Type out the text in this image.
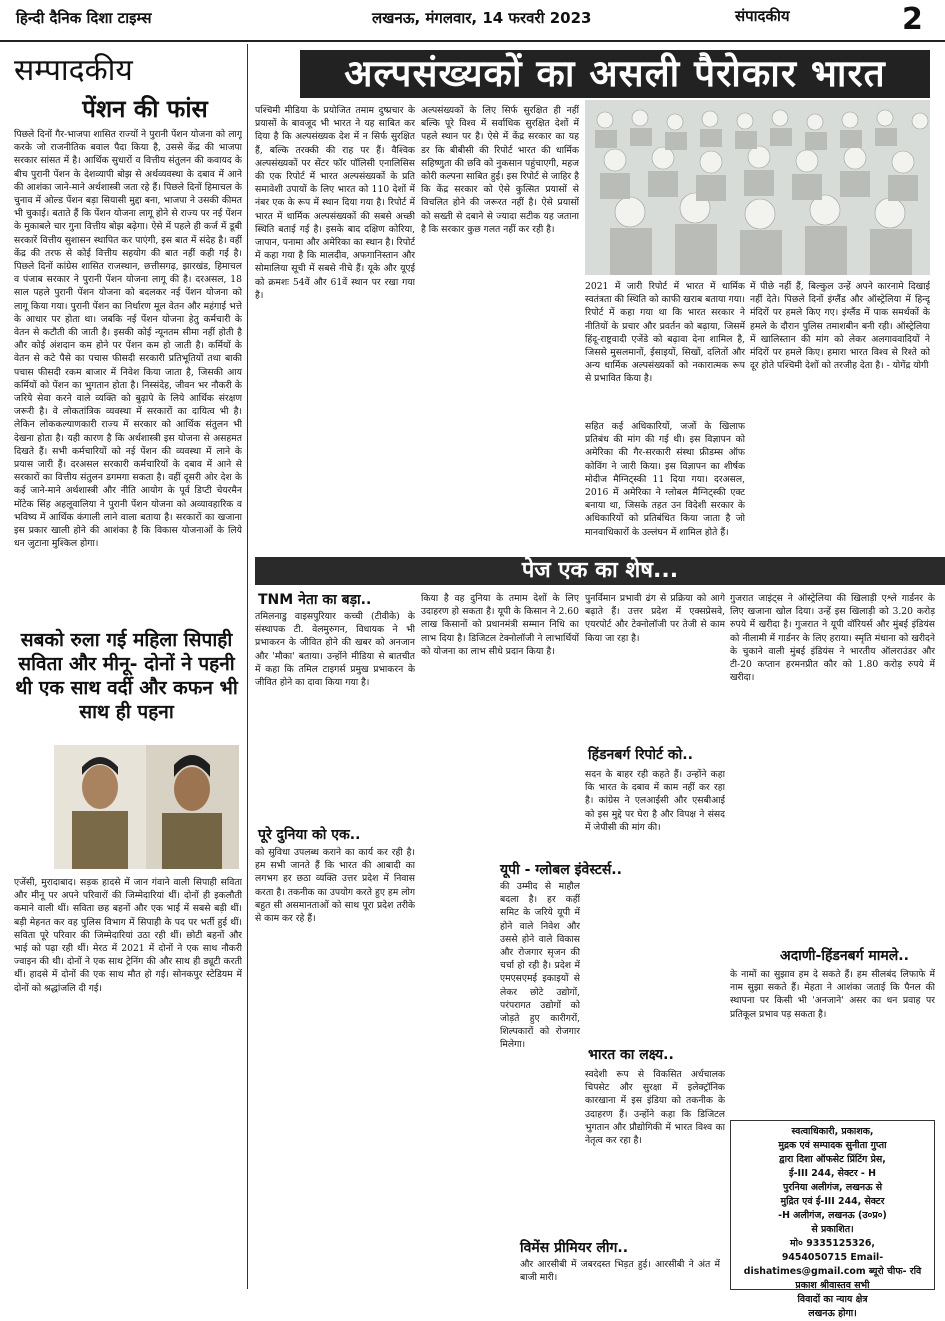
हिन्दी दैनिक दिशा टाइम्स	लखनऊ, मंगलवार, 14 फरवरी 2023	संपादकीय	2
सम्पादकीय
पेंशन की फांस
पिछले दिनों गैर-भाजपा शासित राज्यों ने पुरानी पेंशन योजना को लागू करके जो राजनीतिक बवाल पैदा किया है, उससे केंद्र की भाजपा सरकार सांसत में है। आर्थिक सुधारों व वित्तीय संतुलन की कवायद के बीच पुरानी पेंशन के देशव्यापी बोझ से अर्थव्यवस्था के दबाव में आने की आशंका जाने-माने अर्थशास्त्री जता रहे हैं। पिछले दिनों हिमाचल के चुनाव में ओल्ड पेंशन बड़ा सियासी मुद्दा बना, भाजपा ने उसकी कीमत भी चुकाई। बताते हैं कि पेंशन योजना लागू होने से राज्य पर नई पेंशन के मुकाबले चार गुना वित्तीय बोझ बढ़ेगा। ऐसे में पहले ही कर्ज में डूबी सरकारें वित्तीय सुशासन स्थापित कर पाएंगी, इस बात में संदेह है। वहीं केंद्र की तरफ से कोई वित्तीय सहयोग की बात नहीं कही गई है। पिछले दिनों कांग्रेस शासित राजस्थान, छत्तीसगढ़, झारखंड, हिमाचल व पंजाब सरकार ने पुरानी पेंशन योजना लागू की है। दरअसल, 18 साल पहले पुरानी पेंशन योजना को बदलकर नई पेंशन योजना को लागू किया गया। पुरानी पेंशन का निर्धारण मूल वेतन और महंगाई भत्ते के आधार पर होता था। जबकि नई पेंशन योजना हेतु कर्मचारी के वेतन से कटौती की जाती है। इसकी कोई न्यूनतम सीमा नहीं होती है और कोई अंशदान कम होने पर पेंशन कम हो जाती है। कर्मियों के वेतन से कटे पैसे का पचास फीसदी सरकारी प्रतिभूतियों तथा बाकी पचास फीसदी रकम बाजार में निवेश किया जाता है, जिसकी आय कर्मियों को पेंशन का भुगतान होता है। निस्संदेह, जीवन भर नौकरी के जरिये सेवा करने वाले व्यक्ति को बुढ़ापे के लिये आर्थिक संरक्षण जरूरी है। वे लोकतांत्रिक व्यवस्था में सरकारों का दायित्व भी है। लेकिन लोककल्याणकारी राज्य में सरकार को आर्थिक संतुलन भी देखना होता है। यही कारण है कि अर्थशास्त्री इस योजना से असहमत दिखते हैं। सभी कर्मचारियों को नई पेंशन की व्यवस्था में लाने के प्रयास जारी हैं। दरअसल सरकारी कर्मचारियों के दबाव में आने से सरकारों का वित्तीय संतुलन डगमगा सकता है। वहीं दूसरी ओर देश के कई जाने-माने अर्थशास्त्री और नीति आयोग के पूर्व डिप्टी चेयरमैन मोंटेक सिंह अहलूवालिया ने पुरानी पेंशन योजना को अव्यावहारिक व भविष्य में आर्थिक कंगाली लाने वाला बताया है। सरकारों का खजाना इस प्रकार खाली होने की आशंका है कि विकास योजनाओं के लिये धन जुटाना मुश्किल होगा।
अल्पसंख्यकों का असली पैरोकार भारत
पश्चिमी मीडिया के प्रयोजित तमाम दुष्प्रचार के प्रयासों के बावजूद भी भारत ने यह साबित कर दिया है कि अल्पसंख्यक देश में न सिर्फ सुरक्षित हैं, बल्कि तरक्की की राह पर हैं। वैश्विक अल्पसंख्यकों पर सेंटर फॉर पॉलिसी एनालिसिस की एक रिपोर्ट में भारत अल्पसंख्यकों के प्रति समावेशी उपायों के लिए भारत को 110 देशों में नंबर एक के रूप में स्थान दिया गया है। रिपोर्ट में भारत में धार्मिक अल्पसंख्यकों की सबसे अच्छी स्थिति बताई गई है। इसके बाद दक्षिण कोरिया, जापान, पनामा और अमेरिका का स्थान है। रिपोर्ट में कहा गया है कि मालदीव, अफगानिस्तान और सोमालिया सूची में सबसे नीचे हैं। यूके और यूएई को क्रमशः 54वें और 61वें स्थान पर रखा गया है।
अल्पसंख्यकों के लिए सिर्फ सुरक्षित ही नहीं बल्कि पूरे विश्व में सर्वाधिक सुरक्षित देशों में पहले स्थान पर है। ऐसे में केंद्र सरकार का यह डर कि बीबीसी की रिपोर्ट भारत की धार्मिक सहिष्णुता की छवि को नुकसान पहुंचाएगी, महज कोरी कल्पना साबित हुई। इस रिपोर्ट से जाहिर है कि केंद्र सरकार को ऐसे कुत्सित प्रयासों से विचलित होने की जरूरत नहीं है। ऐसे प्रयासों को सख्ती से दबाने से ज्यादा सटीक यह जताना है कि सरकार कुछ गलत नहीं कर रही है।
2021 में जारी रिपोर्ट में भारत में धार्मिक स्वतंत्रता की स्थिति को काफी खराब बताया गया। रिपोर्ट में कहा गया था कि भारत सरकार ने नीतियों के प्रचार और प्रवर्तन को बढ़ाया, जिसमें हिंदू-राष्ट्रवादी एजेंडे को बढ़ावा देना शामिल है, जिससे मुसलमानों, ईसाइयों, सिखों, दलितों और अन्य धार्मिक अल्पसंख्यकों को नकारात्मक रूप से प्रभावित किया है।
में पीछे नहीं हैं, बिल्कुल उन्हें अपने कारनामे दिखाई नहीं देते। पिछले दिनों इंग्लैंड और ऑस्ट्रेलिया में हिन्दू मंदिरों पर हमले किए गए। इंग्लैंड में पाक समर्थकों के हमले के दौरान पुलिस तमाशबीन बनी रही। ऑस्ट्रेलिया में खालिस्तान की मांग को लेकर अलगाववादियों ने मंदिरों पर हमले किए। हमारा भारत विश्व से रिश्ते को दूर होते पश्चिमी देशों को तरजीह देता है। - योगेंद्र योगी
सहित कई अधिकारियों, जजों के खिलाफ प्रतिबंध की मांग की गई थी। इस विज्ञापन को अमेरिका की गैर-सरकारी संस्था फ्रीडम्स ऑफ कोविंग ने जारी किया। इस विज्ञापन का शीर्षक मोदीज मैग्निट्स्की 11 दिया गया। दरअसल, 2016 में अमेरिका ने ग्लोबल मैग्निट्स्की एक्ट बनाया था, जिसके तहत उन विदेशी सरकार के अधिकारियों को प्रतिबंधित किया जाता है जो मानवाधिकारों के उल्लंघन में शामिल होते हैं।
पेज एक का शेष...
सबको रुला गई महिला सिपाही सविता और मीनू- दोनों ने पहनी थी एक साथ वर्दी और कफन भी साथ ही पहना
एजेंसी, मुरादाबाद। सड़क हादसे में जान गंवाने वाली सिपाही सविता और मीनू पर अपने परिवारों की जिम्मेदारियां थीं। दोनों ही इकलौती कमाने वाली थीं। सविता छह बहनों और एक भाई में सबसे बड़ी थीं। बड़ी मेहनत कर वह पुलिस विभाग में सिपाही के पद पर भर्ती हुई थीं। सविता पूरे परिवार की जिम्मेदारियां उठा रही थीं। छोटी बहनों और भाई को पढ़ा रही थीं। मेरठ में 2021 में दोनों ने एक साथ नौकरी ज्वाइन की थी। दोनों ने एक साथ ट्रेनिंग की और साथ ही ड्यूटी करती थीं। हादसे में दोनों की एक साथ मौत हो गई। सोनकपुर स्टेडियम में दोनों को श्रद्धांजलि दी गई।
TNM नेता का बड़ा..
तमिलनाडु वाइसपुरियार कच्ची (टीवीके) के संस्थापक टी. वेलमुरुगन, विधायक ने भी प्रभाकरन के जीवित होने की खबर को अनजान और 'मौका' बताया। उन्होंने मीडिया से बातचीत में कहा कि तमिल टाइगर्स प्रमुख प्रभाकरन के जीवित होने का दावा किया गया है।
पूरे दुनिया को एक..
को सुविधा उपलब्ध कराने का कार्य कर रही है। हम सभी जानते हैं कि भारत की आबादी का लगभग हर छठा व्यक्ति उत्तर प्रदेश में निवास करता है। तकनीक का उपयोग करते हुए हम लोग बहुत सी असमानताओं को साथ पूरा प्रदेश तरीके से काम कर रहे हैं।
किया है वह दुनिया के तमाम देशों के लिए उदाहरण हो सकता है। यूपी के किसान ने 2.60 लाख किसानों को प्रधानमंत्री सम्मान निधि का लाभ दिया है। डिजिटल टेक्नोलॉजी ने लाभार्थियों को योजना का लाभ सीधे प्रदान किया है।
पुनर्विमान प्रभावी ढंग से प्रक्रिया को आगे बढ़ाते हैं। उत्तर प्रदेश में एक्सप्रेसवे, एयरपोर्ट और टेक्नोलॉजी पर तेजी से काम किया जा रहा है।
हिंडनबर्ग रिपोर्ट को..
सदन के बाहर रही कहते हैं। उन्होंने कहा कि भारत के दबाव में काम नहीं कर रहा है। कांग्रेस ने एलआईसी और एसबीआई को इस मुद्दे पर घेरा है और विपक्ष ने संसद में जेपीसी की मांग की।
यूपी - ग्लोबल इंवेस्टर्स..
की उम्मीद से माहौल बदला है। हर कहीं समिट के जरिये यूपी में होने वाले निवेश और उससे होने वाले विकास और रोजगार सृजन की चर्चा हो रही है। प्रदेश में एमएसएमई इकाइयों से लेकर छोटे उद्योगों, परंपरागत उद्योगों को जोड़ते हुए कारीगरों, शिल्पकारों को रोजगार मिलेगा।
भारत का लक्ष्य..
स्वदेशी रूप से विकसित अर्धचालक चिपसेट और सुरक्षा में इलेक्ट्रॉनिक कारखाना में इस इंडिया को तकनीक के उदाहरण हैं। उन्होंने कहा कि डिजिटल भुगतान और प्रौद्योगिकी में भारत विश्व का नेतृत्व कर रहा है।
विमेंस प्रीमियर लीग..
और आरसीबी में जबरदस्त भिड़त हुई। आरसीबी ने अंत में बाजी मारी।
गुजरात जाइंट्स ने ऑस्ट्रेलिया की खिलाड़ी एश्ले गार्डनर के लिए खजाना खोल दिया। उन्हें इस खिलाड़ी को 3.20 करोड़ रुपये में खरीदा है। गुजरात ने यूपी वॉरियर्स और मुंबई इंडियंस को नीलामी में गार्डनर के लिए हराया। स्मृति मंधाना को खरीदने के चुकाने वाली मुंबई इंडियंस ने भारतीय ऑलराउंडर और टी-20 कप्तान हरमनप्रीत कौर को 1.80 करोड़ रुपये में खरीदा।
अदाणी-हिंडनबर्ग मामले..
के नामों का सुझाव हम दे सकते हैं। हम सीलबंद लिफाफे में नाम सुझा सकते हैं। मेहता ने आशंका जताई कि पैनल की स्थापना पर किसी भी 'अनजाने' असर का धन प्रवाह पर प्रतिकूल प्रभाव पड़ सकता है।
स्वत्वाधिकारी, प्रकाशक,
मुद्रक एवं सम्पादक सुनीता गुप्ता
द्वारा दिशा ऑफसेट प्रिंटिंग प्रेस,
ई-III 244, सेक्टर - H
पुरनिया अलीगंज, लखनऊ से
मुद्रित एवं ई-III 244, सेक्टर
-H अलीगंज, लखनऊ (उ०प्र०)
से प्रकाशित।
मो० 9335125326,
9454050715 Email-
dishatimes@gmail.com ब्यूरो चीफ- रवि
प्रकाश श्रीवास्तव सभी
विवादों का न्याय क्षेत्र
लखनऊ होगा।
